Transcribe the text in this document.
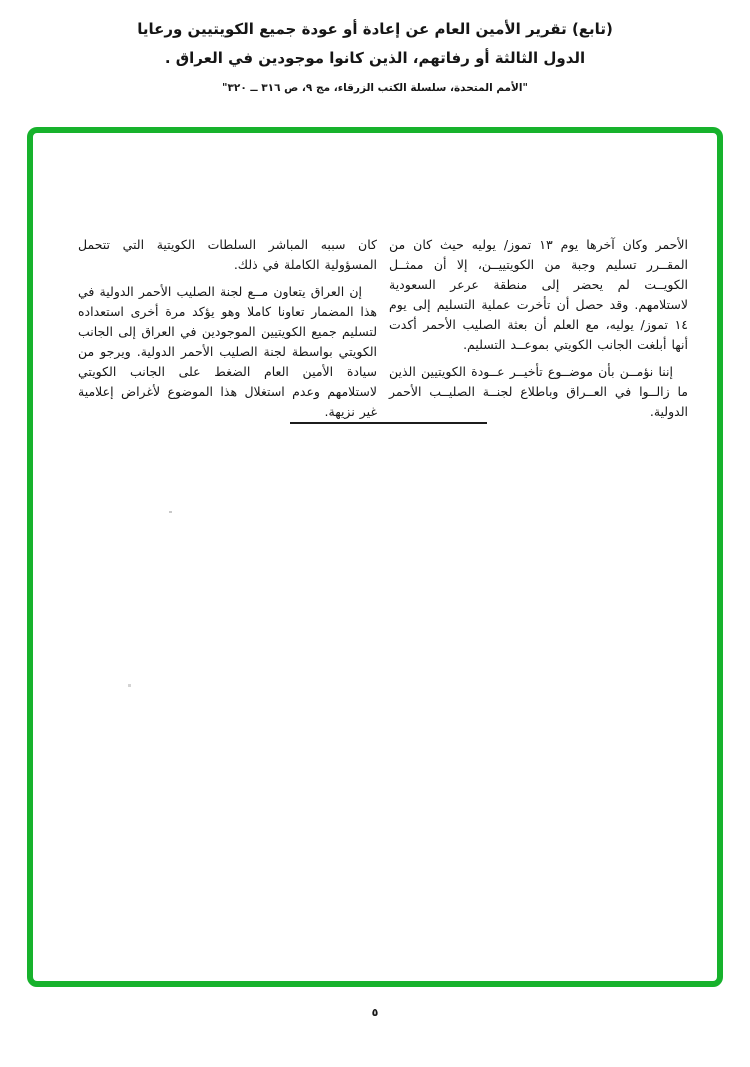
(تابع) تقرير الأمين العام عن إعادة أو عودة جميع الكويتيين ورعايا
الدول الثالثة أو رفاتهم، الذين كانوا موجودين في العراق .
"الأمم المتحدة، سلسلة الكتب الزرقاء، مج ٩، ص ٣١٦ ــ ٣٢٠"

الأحمر وكان آخرها يوم ١٣ تموز/ يوليه حيث كان من المقــرر تسليم وجبة من الكويتييــن، إلا أن ممثــل الكويــت لم يحضر إلى منطقة عرعر السعودية لاستلامهم. وقد حصل أن تأخرت عملية التسليم إلى يوم ١٤ تموز/ يوليه، مع العلم أن بعثة الصليب الأحمر أكدت أنها أبلغت الجانب الكويتي بموعــد التسليم.

إننا نؤمــن بأن موضــوع تأخيــر عــودة الكويتيين الذين ما زالــوا في العــراق وباطلاع لجنــة الصليــب الأحمر الدولية.

كان سببه المباشر السلطات الكويتية التي تتحمل المسؤولية الكاملة في ذلك.

إن العراق يتعاون مــع لجنة الصليب الأحمر الدولية في هذا المضمار تعاونا كاملا وهو يؤكد مرة أخرى استعداده لتسليم جميع الكويتيين الموجودين في العراق إلى الجانب الكويتي بواسطة لجنة الصليب الأحمر الدولية. ويرجو من سيادة الأمين العام الضغط على الجانب الكويتي لاستلامهم وعدم استغلال هذا الموضوع لأغراض إعلامية غير نزيهة.

٥
